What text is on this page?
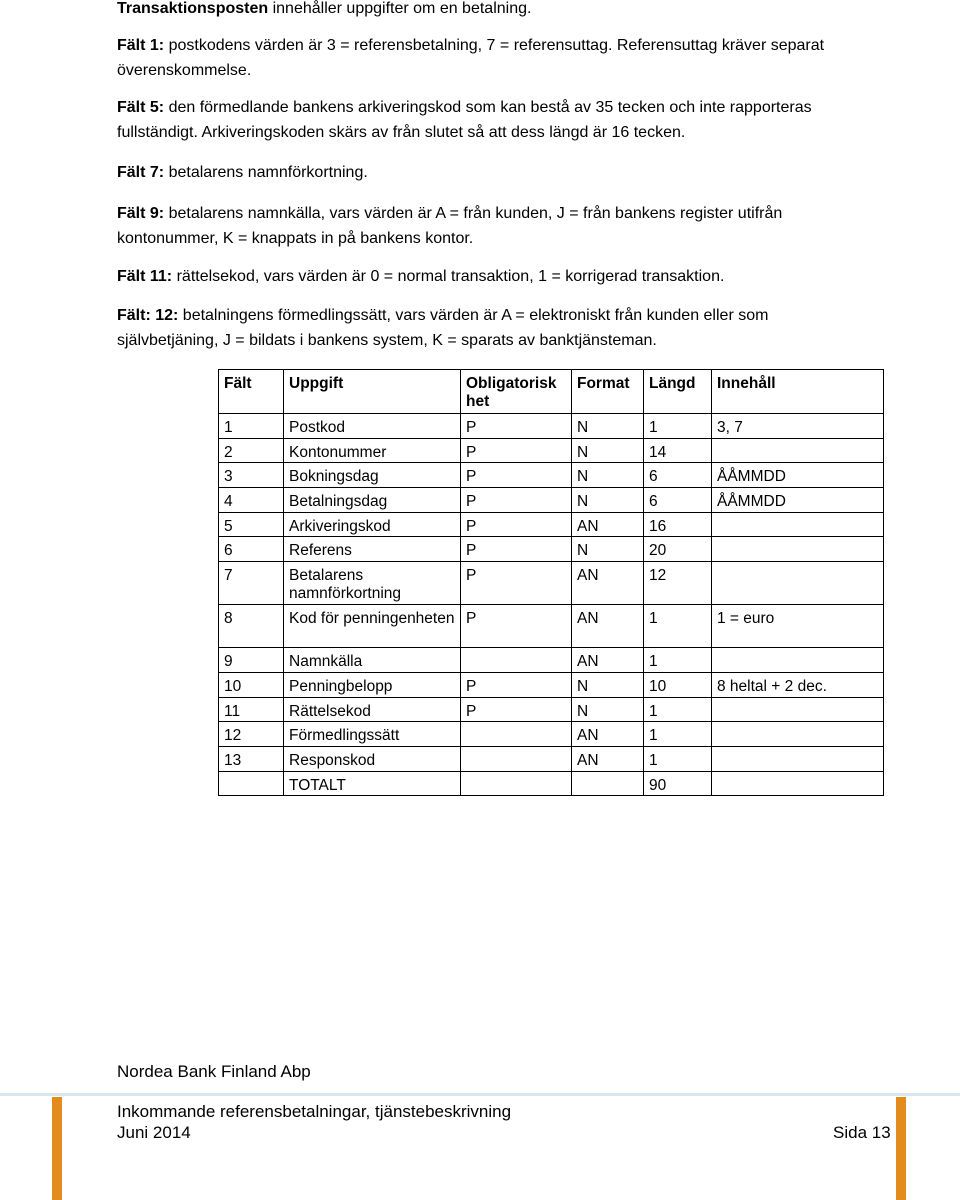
Transaktionsposten innehåller uppgifter om en betalning.

Fält 1: postkodens värden är 3 = referensbetalning, 7 = referensuttag. Referensuttag kräver separat överenskommelse.

Fält 5: den förmedlande bankens arkiveringskod som kan bestå av 35 tecken och inte rapporteras fullständigt. Arkiveringskoden skärs av från slutet så att dess längd är 16 tecken.

Fält 7: betalarens namnförkortning.

Fält 9: betalarens namnkälla, vars värden är A = från kunden, J = från bankens register utifrån kontonummer, K = knappats in på bankens kontor.

Fält 11: rättelsekod, vars värden är 0 = normal transaktion, 1 = korrigerad transaktion.

Fält: 12: betalningens förmedlingssätt, vars värden är A = elektroniskt från kunden eller som självbetjäning, J = bildats i bankens system, K = sparats av banktjänsteman.

Fält	Uppgift	Obligatorisk het	Format	Längd	Innehåll
1	Postkod	P	N	1	3, 7
2	Kontonummer	P	N	14	
3	Bokningsdag	P	N	6	ÅÅMMDD
4	Betalningsdag	P	N	6	ÅÅMMDD
5	Arkiveringskod	P	AN	16	
6	Referens	P	N	20	
7	Betalarens namnförkortning	P	AN	12	
8	Kod för penningenheten	P	AN	1	1 = euro
9	Namnkälla		AN	1	
10	Penningbelopp	P	N	10	8 heltal + 2 dec.
11	Rättelsekod	P	N	1	
12	Förmedlingssätt		AN	1	
13	Responskod		AN	1	
	TOTALT			90	
Nordea Bank Finland Abp
Inkommande referensbetalningar, tjänstebeskrivning
Juni 2014	Sida 13
